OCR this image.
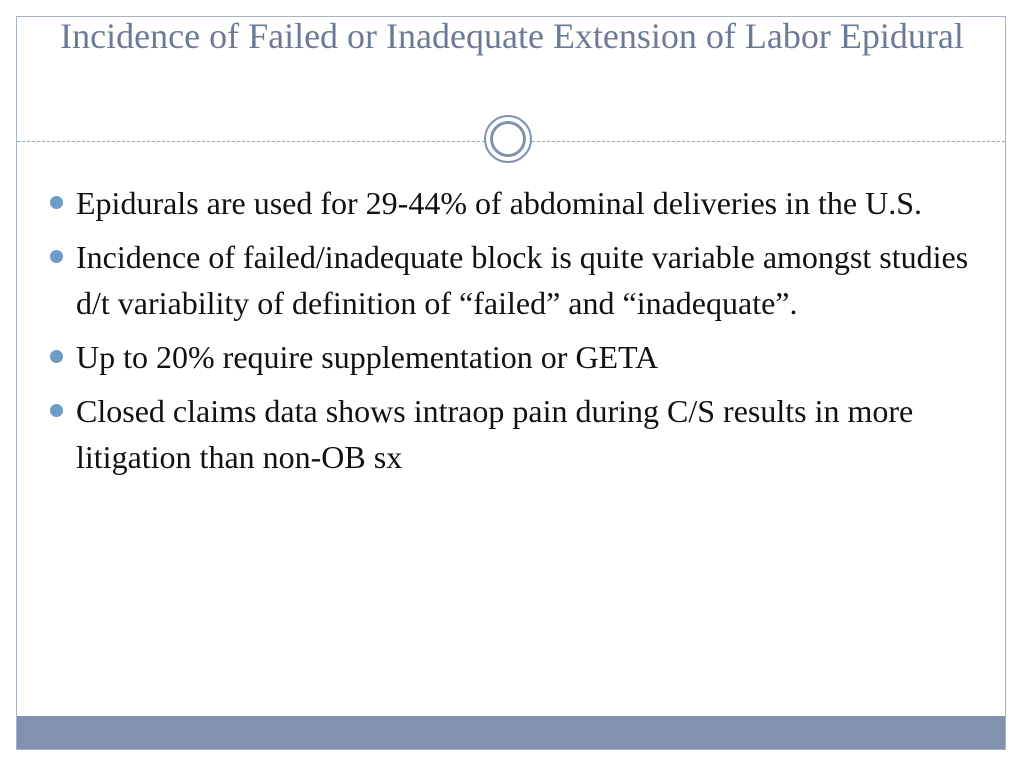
Incidence of Failed or Inadequate Extension of Labor Epidural
Epidurals are used for 29-44% of abdominal deliveries in the U.S.
Incidence of failed/inadequate block is quite variable amongst studies d/t variability of definition of “failed” and “inadequate”.
Up to 20% require supplementation or GETA
Closed claims data shows intraop pain during C/S results in more litigation than non-OB sx
